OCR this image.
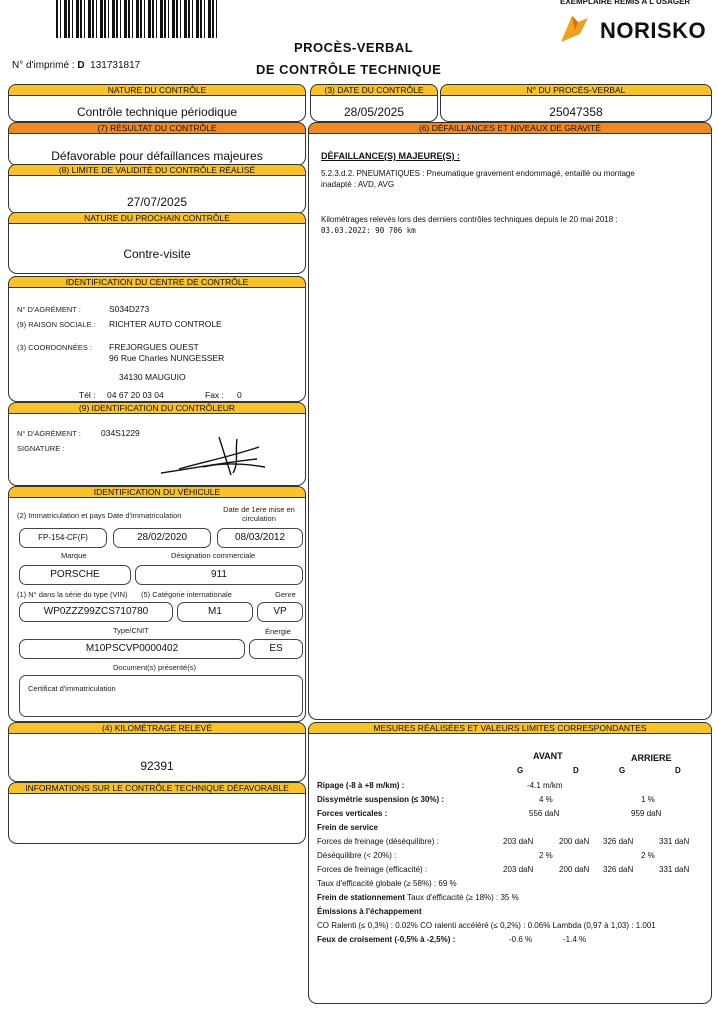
EXEMPLAIRE REMIS A L'USAGER
NORISKO
PROCÈS-VERBAL
DE CONTRÔLE TECHNIQUE
N° d'imprimé : D 131731817
NATURE DU CONTRÔLE
Contrôle technique périodique
(3) DATE DU CONTRÔLE
28/05/2025
N° DU PROCÈS-VERBAL
25047358
(7) RÉSULTAT DU CONTRÔLE
Défavorable pour défaillances majeures
(8) LIMITE DE VALIDITÉ DU CONTRÔLE RÉALISÉ
27/07/2025
NATURE DU PROCHAIN CONTRÔLE
Contre-visite
IDENTIFICATION DU CENTRE DE CONTRÔLE
N° D'AGRÉMENT :	S034D273
(9) RAISON SOCIALE : RICHTER AUTO CONTROLE
(3) COORDONNÉES : FREJORGUES OUEST
96 Rue Charles NUNGESSER
34130 MAUGUIO
Tél : 04 67 20 03 04	Fax : 0
(9) IDENTIFICATION DU CONTRÔLEUR
N° D'AGRÉMENT : 034S1229
SIGNATURE :
IDENTIFICATION DU VÉHICULE
(2) Immatriculation et pays Date d'immatriculation
Date de 1ere mise en circulation
FP-154-CF(F)	28/02/2020	08/03/2012
Marque	Désignation commerciale
PORSCHE	911
(1) N° dans la série du type (VIN) (5) Catégorie internationale	Genre
WP0ZZZ99ZCS710780	M1	VP
Type/CNIT	Énergie
M10PSCVP0000402	ES
Document(s) présenté(s)
Certificat d'immatriculation
(4) KILOMÉTRAGE RELEVÉ
92391
INFORMATIONS SUR LE CONTRÔLE TECHNIQUE DÉFAVORABLE
(6) DÉFAILLANCES ET NIVEAUX DE GRAVITÉ
DÉFAILLANCE(S) MAJEURE(S) :
5.2.3.d.2. PNEUMATIQUES : Pneumatique gravement endommagé, entaillé ou montage
inadapté : AVD, AVG
Kilométrages relevés lors des derniers contrôles techniques depuis le 20 mai 2018 :
03.03.2022: 90 706 km
MESURES RÉALISÉES ET VALEURS LIMITES CORRESPONDANTES
AVANT	ARRIERE
G	D	G	D
Ripage (-8 à +8 m/km) :	-4.1 m/km
Dissymétrie suspension (≤ 30%) :	4 %	1 %
Forces verticales :	556 daN	959 daN
Frein de service
Forces de freinage (déséquilibre) :	203 daN	200 daN 326 daN	331 daN
Déséquilibre (< 20%) :	2 %	2 %
Forces de freinage (efficacité) :	203 daN	200 daN 326 daN	331 daN
Taux d'efficacité globale (≥ 58%) : 69 %
Frein de stationnement Taux d'efficacité (≥ 18%) : 35 %
Émissions à l'échappement
CO Ralenti (≤ 0,3%) : 0.02% CO ralenti accéléré (≤ 0,2%) : 0.06% Lambda (0,97 à 1,03) : 1.001
Feux de croisement (-0,5% à -2,5%) :	-0.6 %	-1.4 %
